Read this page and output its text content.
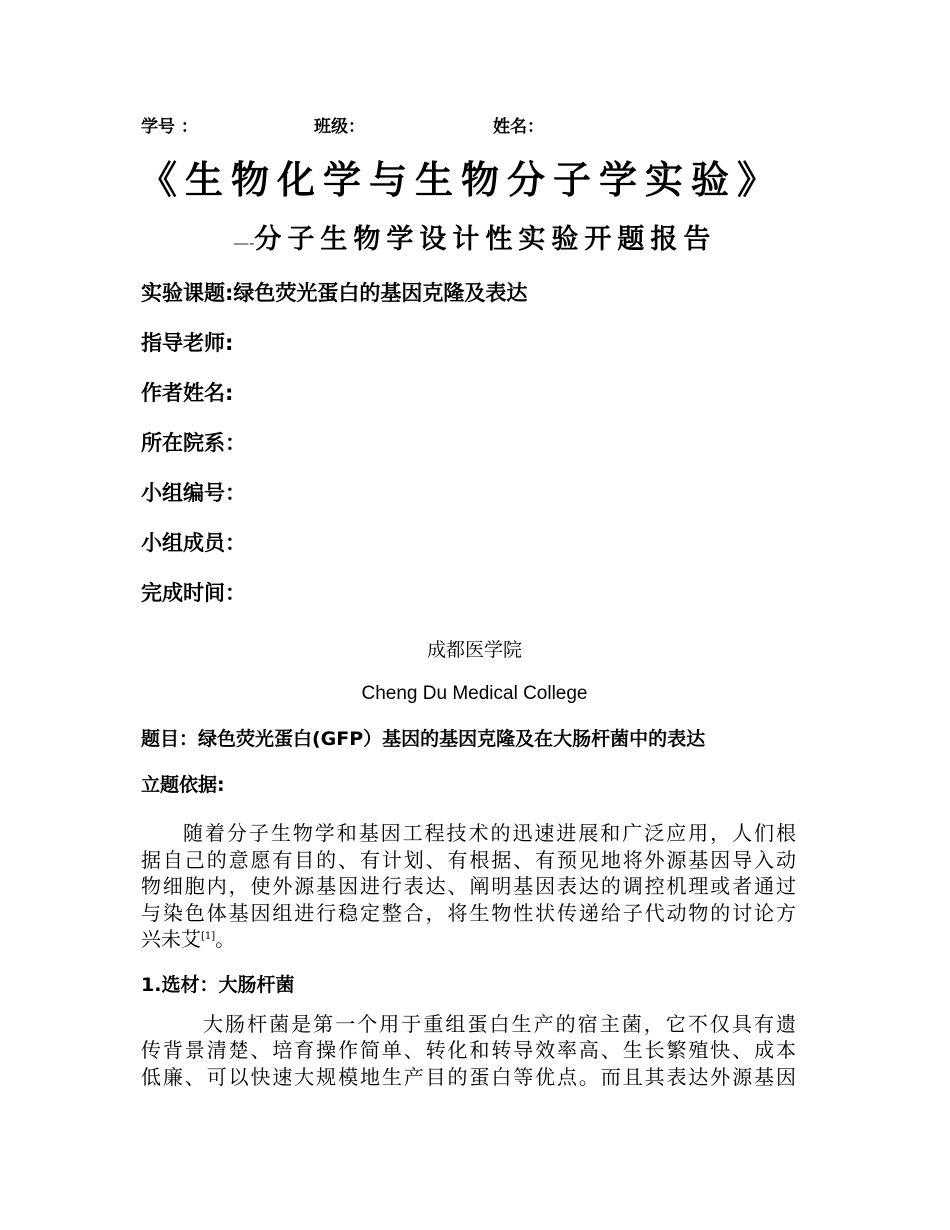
学号 ：	班级：	姓名：
《生物化学与生物分子学实验》
—-分子生物学设计性实验开题报告
实验课题:绿色荧光蛋白的基因克隆及表达
指导老师:
作者姓名:
所在院系：
小组编号：
小组成员：
完成时间：
成都医学院
Cheng Du Medical College
题目：绿色荧光蛋白(GFP）基因的基因克隆及在大肠杆菌中的表达
立题依据:
随着分子生物学和基因工程技术的迅速进展和广泛应用，人们根
据自己的意愿有目的、有计划、有根据、有预见地将外源基因导入动
物细胞内，使外源基因进行表达、阐明基因表达的调控机理或者通过
与染色体基因组进行稳定整合，将生物性状传递给子代动物的讨论方
兴未艾[1]。
1.选材：大肠杆菌
大肠杆菌是第一个用于重组蛋白生产的宿主菌，它不仅具有遗
传背景清楚、培育操作简单、转化和转导效率高、生长繁殖快、成本
低廉、可以快速大规模地生产目的蛋白等优点。而且其表达外源基因
